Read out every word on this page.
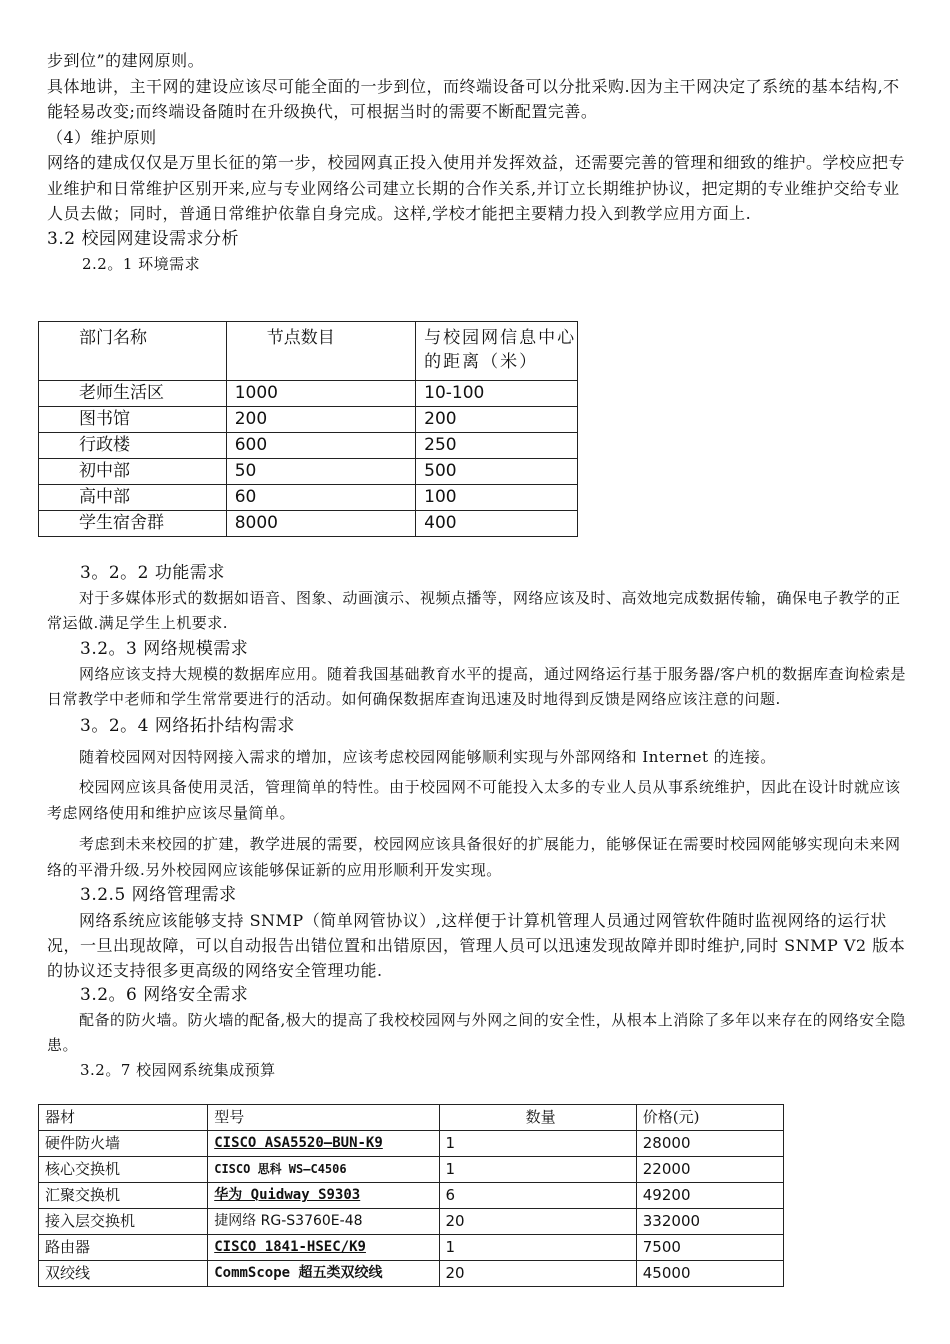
步到位”的建网原则。

具体地讲，主干网的建设应该尽可能全面的一步到位，而终端设备可以分批采购.因为主干网决定了系统的基本结构,不能轻易改变;而终端设备随时在升级换代，可根据当时的需要不断配置完善。

（4）维护原则

网络的建成仅仅是万里长征的第一步，校园网真正投入使用并发挥效益，还需要完善的管理和细致的维护。学校应把专业维护和日常维护区别开来,应与专业网络公司建立长期的合作关系,并订立长期维护协议，把定期的专业维护交给专业人员去做；同时，普通日常维护依靠自身完成。这样,学校才能把主要精力投入到教学应用方面上.

3.2 校园网建设需求分析

2.2。1 环境需求

部门名称	节点数目	与校园网信息中心 的距离（米）
老师生活区	1000	10-100
图书馆	200	200
行政楼	600	250
初中部	50	500
高中部	60	100
学生宿舍群	8000	400

3。2。2 功能需求

对于多媒体形式的数据如语音、图象、动画演示、视频点播等，网络应该及时、高效地完成数据传输，确保电子教学的正常运做.满足学生上机要求.

3.2。3 网络规模需求

网络应该支持大规模的数据库应用。随着我国基础教育水平的提高，通过网络运行基于服务器/客户机的数据库查询检索是日常教学中老师和学生常常要进行的活动。如何确保数据库查询迅速及时地得到反馈是网络应该注意的问题.

3。2。4 网络拓扑结构需求

随着校园网对因特网接入需求的增加，应该考虑校园网能够顺利实现与外部网络和 Internet 的连接。

校园网应该具备使用灵活，管理简单的特性。由于校园网不可能投入太多的专业人员从事系统维护，因此在设计时就应该考虑网络使用和维护应该尽量简单。

考虑到未来校园的扩建，教学进展的需要，校园网应该具备很好的扩展能力，能够保证在需要时校园网能够实现向未来网络的平滑升级.另外校园网应该能够保证新的应用形顺利开发实现。

3.2.5 网络管理需求

网络系统应该能够支持 SNMP（简单网管协议）,这样便于计算机管理人员通过网管软件随时监视网络的运行状况，一旦出现故障，可以自动报告出错位置和出错原因，管理人员可以迅速发现故障并即时维护,同时 SNMP V2 版本的协议还支持很多更高级的网络安全管理功能.

3.2。6 网络安全需求

配备的防火墙。防火墙的配备,极大的提高了我校校园网与外网之间的安全性，从根本上消除了多年以来存在的网络安全隐患。

3.2。7 校园网系统集成预算

器材	型号	数量	价格(元)
硬件防火墙	CISCO ASA5520—BUN-K9	1	28000
核心交换机	CISCO 思科 WS—C4506	1	22000
汇聚交换机	华为 Quidway S9303	6	49200
接入层交换机	捷网络 RG-S3760E-48	20	332000
路由器	CISCO 1841-HSEC/K9	1	7500
双绞线	CommScope 超五类双绞线	20	45000
